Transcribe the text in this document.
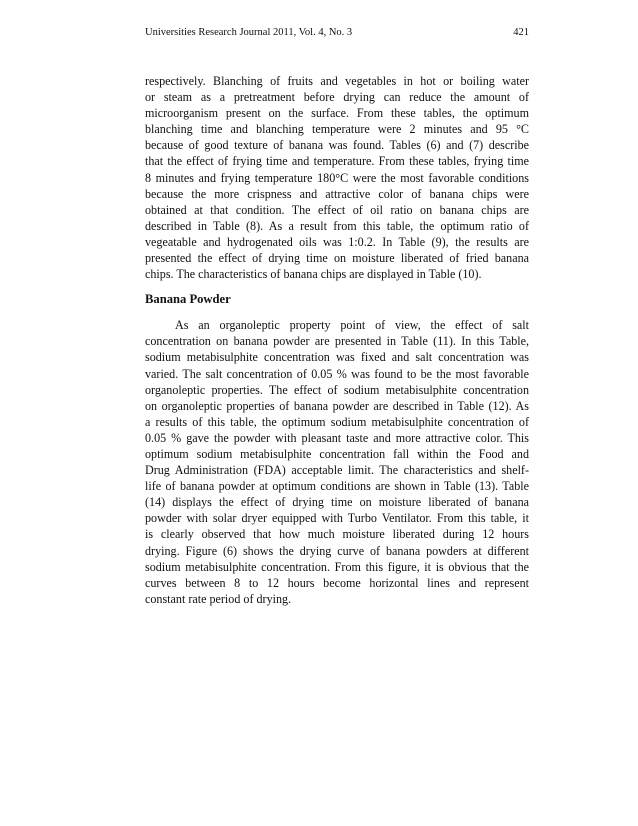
Universities Research Journal 2011, Vol. 4, No. 3	421
respectively. Blanching of fruits and vegetables in hot or boiling water
or steam as a pretreatment before drying can reduce the amount of
microorganism present on the surface. From these tables, the optimum
blanching time and blanching temperature were 2 minutes and 95 °C
because of good texture of banana was found. Tables (6) and (7) describe
that the effect of frying time and temperature. From these tables, frying time
8 minutes and frying temperature 180°C were the most favorable conditions
because the more crispness and attractive color of banana chips were
obtained at that condition. The effect of oil ratio on banana chips are
described in Table (8). As a result from this table, the optimum ratio of
vegeatable and hydrogenated oils was 1:0.2. In Table (9), the results are
presented the effect of drying time on moisture liberated of fried banana
chips. The characteristics of banana chips are displayed in Table (10).
Banana Powder
As an organoleptic property point of view, the effect of salt
concentration on banana powder are presented in Table (11). In this Table,
sodium metabisulphite concentration was fixed and salt concentration was
varied. The salt concentration of 0.05 % was found to be the most favorable
organoleptic properties. The effect of sodium metabisulphite concentration
on organoleptic properties of banana powder are described in Table (12). As
a results of this table, the optimum sodium metabisulphite concentration of
0.05 % gave the powder with pleasant taste and more attractive color. This
optimum sodium metabisulphite concentration fall within the Food and
Drug Administration (FDA) acceptable limit. The characteristics and shelf-
life of banana powder at optimum conditions are shown in Table (13). Table
(14) displays the effect of drying time on moisture liberated of banana
powder with solar dryer equipped with Turbo Ventilator. From this table, it
is clearly observed that how much moisture liberated during 12 hours
drying. Figure (6) shows the drying curve of banana powders at different
sodium metabisulphite concentration. From this figure, it is obvious that the
curves between 8 to 12 hours become horizontal lines and represent
constant rate period of drying.
